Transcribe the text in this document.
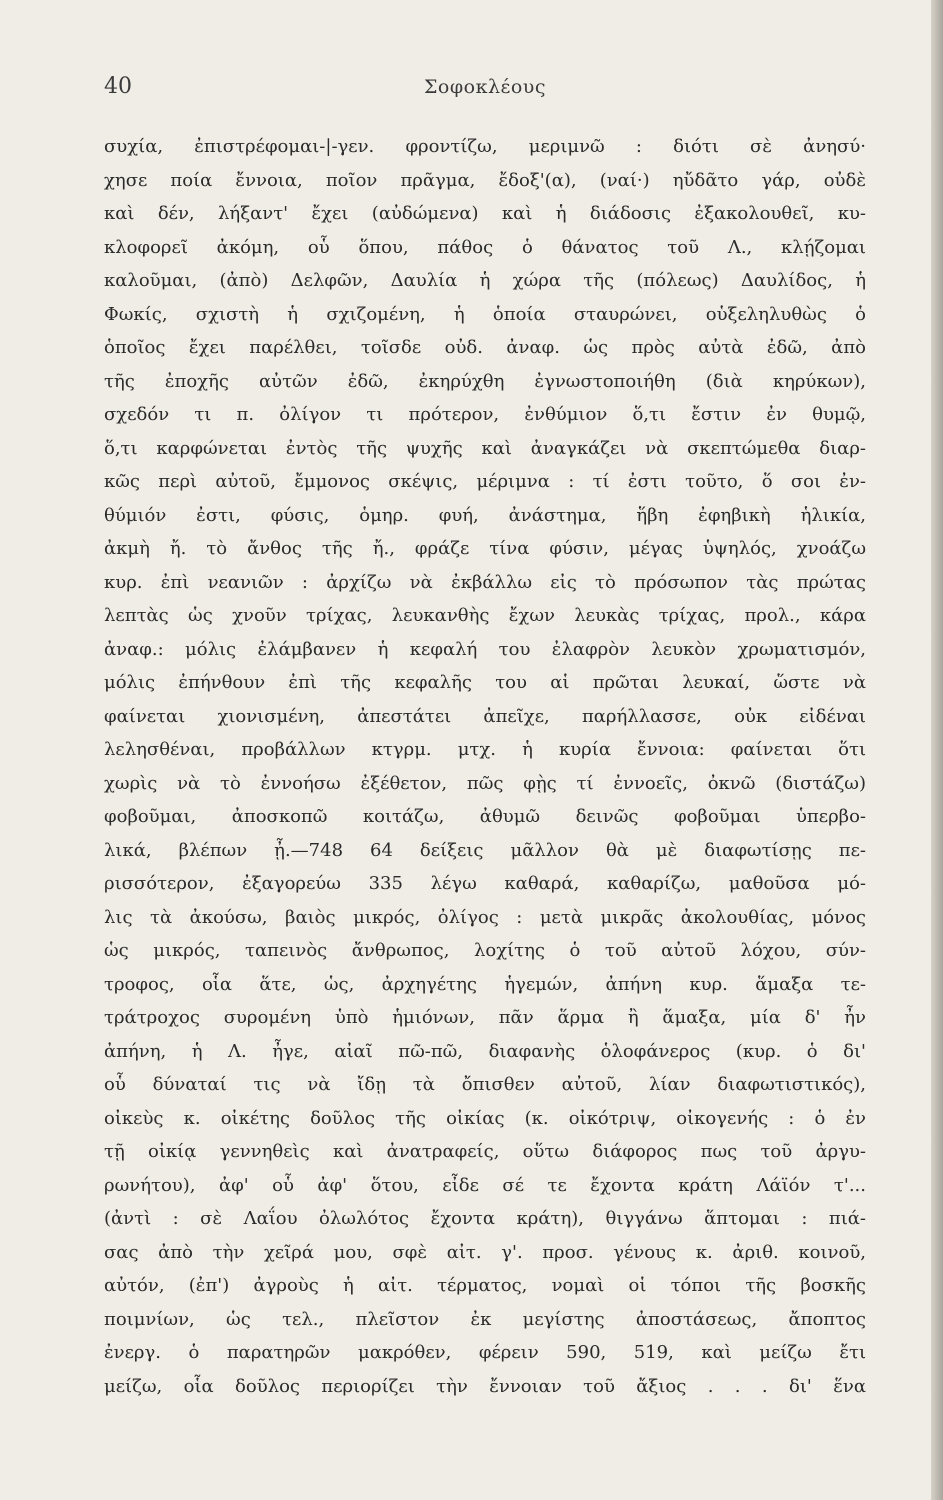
40	Σοφοκλέους
συχία, ἐπιστρέφομαι-|-γεν. φροντίζω, μεριμνῶ : διότι σὲ ἀνησύ·
χησε ποία ἔννοια, ποῖον πρᾶγμα, ἔδοξ'(α), (ναί·) ηὔδᾶτο γάρ, οὐδὲ
καὶ δέν, λήξαντ' ἔχει (αὐδώμενα) καὶ ἡ διάδοσις ἐξακολουθεῖ, κυ-
κλοφορεῖ ἀκόμη, οὗ ὅπου, πάθος ὁ θάνατος τοῦ Λ., κλῄζομαι
καλοῦμαι, (ἀπὸ) Δελφῶν, Δαυλία ἡ χώρα τῆς (πόλεως) Δαυλίδος, ἡ
Φωκίς, σχιστὴ ἡ σχιζομένη, ἡ ὁποία σταυρώνει, οὑξεληλυθὼς ὁ
ὁποῖος ἔχει παρέλθει, τοῖσδε οὐδ. ἀναφ. ὡς πρὸς αὐτὰ ἐδῶ, ἀπὸ
τῆς ἐποχῆς αὐτῶν ἐδῶ, ἐκηρύχθη ἐγνωστοποιήθη (διὰ κηρύκων),
σχεδόν τι π. ὀλίγον τι πρότερον, ἐνθύμιον ὅ,τι ἔστιν ἐν θυμῷ,
ὅ,τι καρφώνεται ἐντὸς τῆς ψυχῆς καὶ ἀναγκάζει νὰ σκεπτώμεθα διαρ-
κῶς περὶ αὐτοῦ, ἔμμονος σκέψις, μέριμνα : τί ἐστι τοῦτο, ὅ σοι ἐν-
θύμιόν ἐστι, φύσις, ὁμηρ. φυή, ἀνάστημα, ἥβη ἐφηβικὴ ἡλικία,
ἀκμὴ ἤ. τὸ ἄνθος τῆς ἤ., φράζε τίνα φύσιν, μέγας ὑψηλός, χνοάζω
κυρ. ἐπὶ νεανιῶν : ἀρχίζω νὰ ἐκβάλλω εἰς τὸ πρόσωπον τὰς πρώτας
λεπτὰς ὡς χνοῦν τρίχας, λευκανθὴς ἔχων λευκὰς τρίχας, προλ., κάρα
ἀναφ.: μόλις ἐλάμβανεν ἡ κεφαλή του ἐλαφρὸν λευκὸν χρωματισμόν,
μόλις ἐπήνθουν ἐπὶ τῆς κεφαλῆς του αἱ πρῶται λευκαί, ὥστε νὰ
φαίνεται χιονισμένη, ἀπεστάτει ἀπεῖχε, παρήλλασσε, οὐκ εἰδέναι
λελησθέναι, προβάλλων κτγρμ. μτχ. ἡ κυρία ἔννοια: φαίνεται ὅτι
χωρὶς νὰ τὸ ἐννοήσω ἐξέθετον, πῶς φῂς τί ἐννοεῖς, ὀκνῶ (διστάζω)
φοβοῦμαι, ἀποσκοπῶ κοιτάζω, ἀθυμῶ δεινῶς φοβοῦμαι ὑπερβο-
λικά, βλέπων ᾖ.—748 64 δείξεις μᾶλλον θὰ μὲ διαφωτίσῃς πε-
ρισσότερον, ἐξαγορεύω 335 λέγω καθαρά, καθαρίζω, μαθοῦσα μό-
λις τὰ ἀκούσω, βαιὸς μικρός, ὀλίγος : μετὰ μικρᾶς ἀκολουθίας, μόνος
ὡς μικρός, ταπεινὸς ἄνθρωπος, λοχίτης ὁ τοῦ αὐτοῦ λόχου, σύν-
τροφος, οἷα ἅτε, ὡς, ἀρχηγέτης ἡγεμών, ἀπήνη κυρ. ἅμαξα τε-
τράτροχος συρομένη ὑπὸ ἡμιόνων, πᾶν ἅρμα ἢ ἅμαξα, μία δ' ἦν
ἀπήνη, ἡ Λ. ἦγε, αἰαῖ πῶ-πῶ, διαφανὴς ὁλοφάνερος (κυρ. ὁ δι'
οὗ δύναταί τις νὰ ἴδῃ τὰ ὄπισθεν αὐτοῦ, λίαν διαφωτιστικός),
οἰκεὺς κ. οἰκέτης δοῦλος τῆς οἰκίας (κ. οἰκότριψ, οἰκογενής : ὁ ἐν
τῇ οἰκίᾳ γεννηθεὶς καὶ ἀνατραφείς, οὕτω διάφορος πως τοῦ ἀργυ-
ρωνήτου), ἀφ' οὗ ἀφ' ὅτου, εἶδε σέ τε ἔχοντα κράτη Λάϊόν τ'...
(ἀντὶ : σὲ Λαΐου ὀλωλότος ἔχοντα κράτη), θιγγάνω ἅπτομαι : πιά-
σας ἀπὸ τὴν χεῖρά μου, σφὲ αἰτ. γ'. προσ. γένους κ. ἀριθ. κοινοῦ,
αὐτόν, (ἐπ') ἀγροὺς ἡ αἰτ. τέρματος, νομαὶ οἱ τόποι τῆς βοσκῆς
ποιμνίων, ὡς τελ., πλεῖστον ἐκ μεγίστης ἀποστάσεως, ἄποπτος
ἐνεργ. ὁ παρατηρῶν μακρόθεν, φέρειν 590, 519, καὶ μείζω ἔτι
μείζω, οἷα δοῦλος περιορίζει τὴν ἔννοιαν τοῦ ἄξιος . . . δι' ἕνα
